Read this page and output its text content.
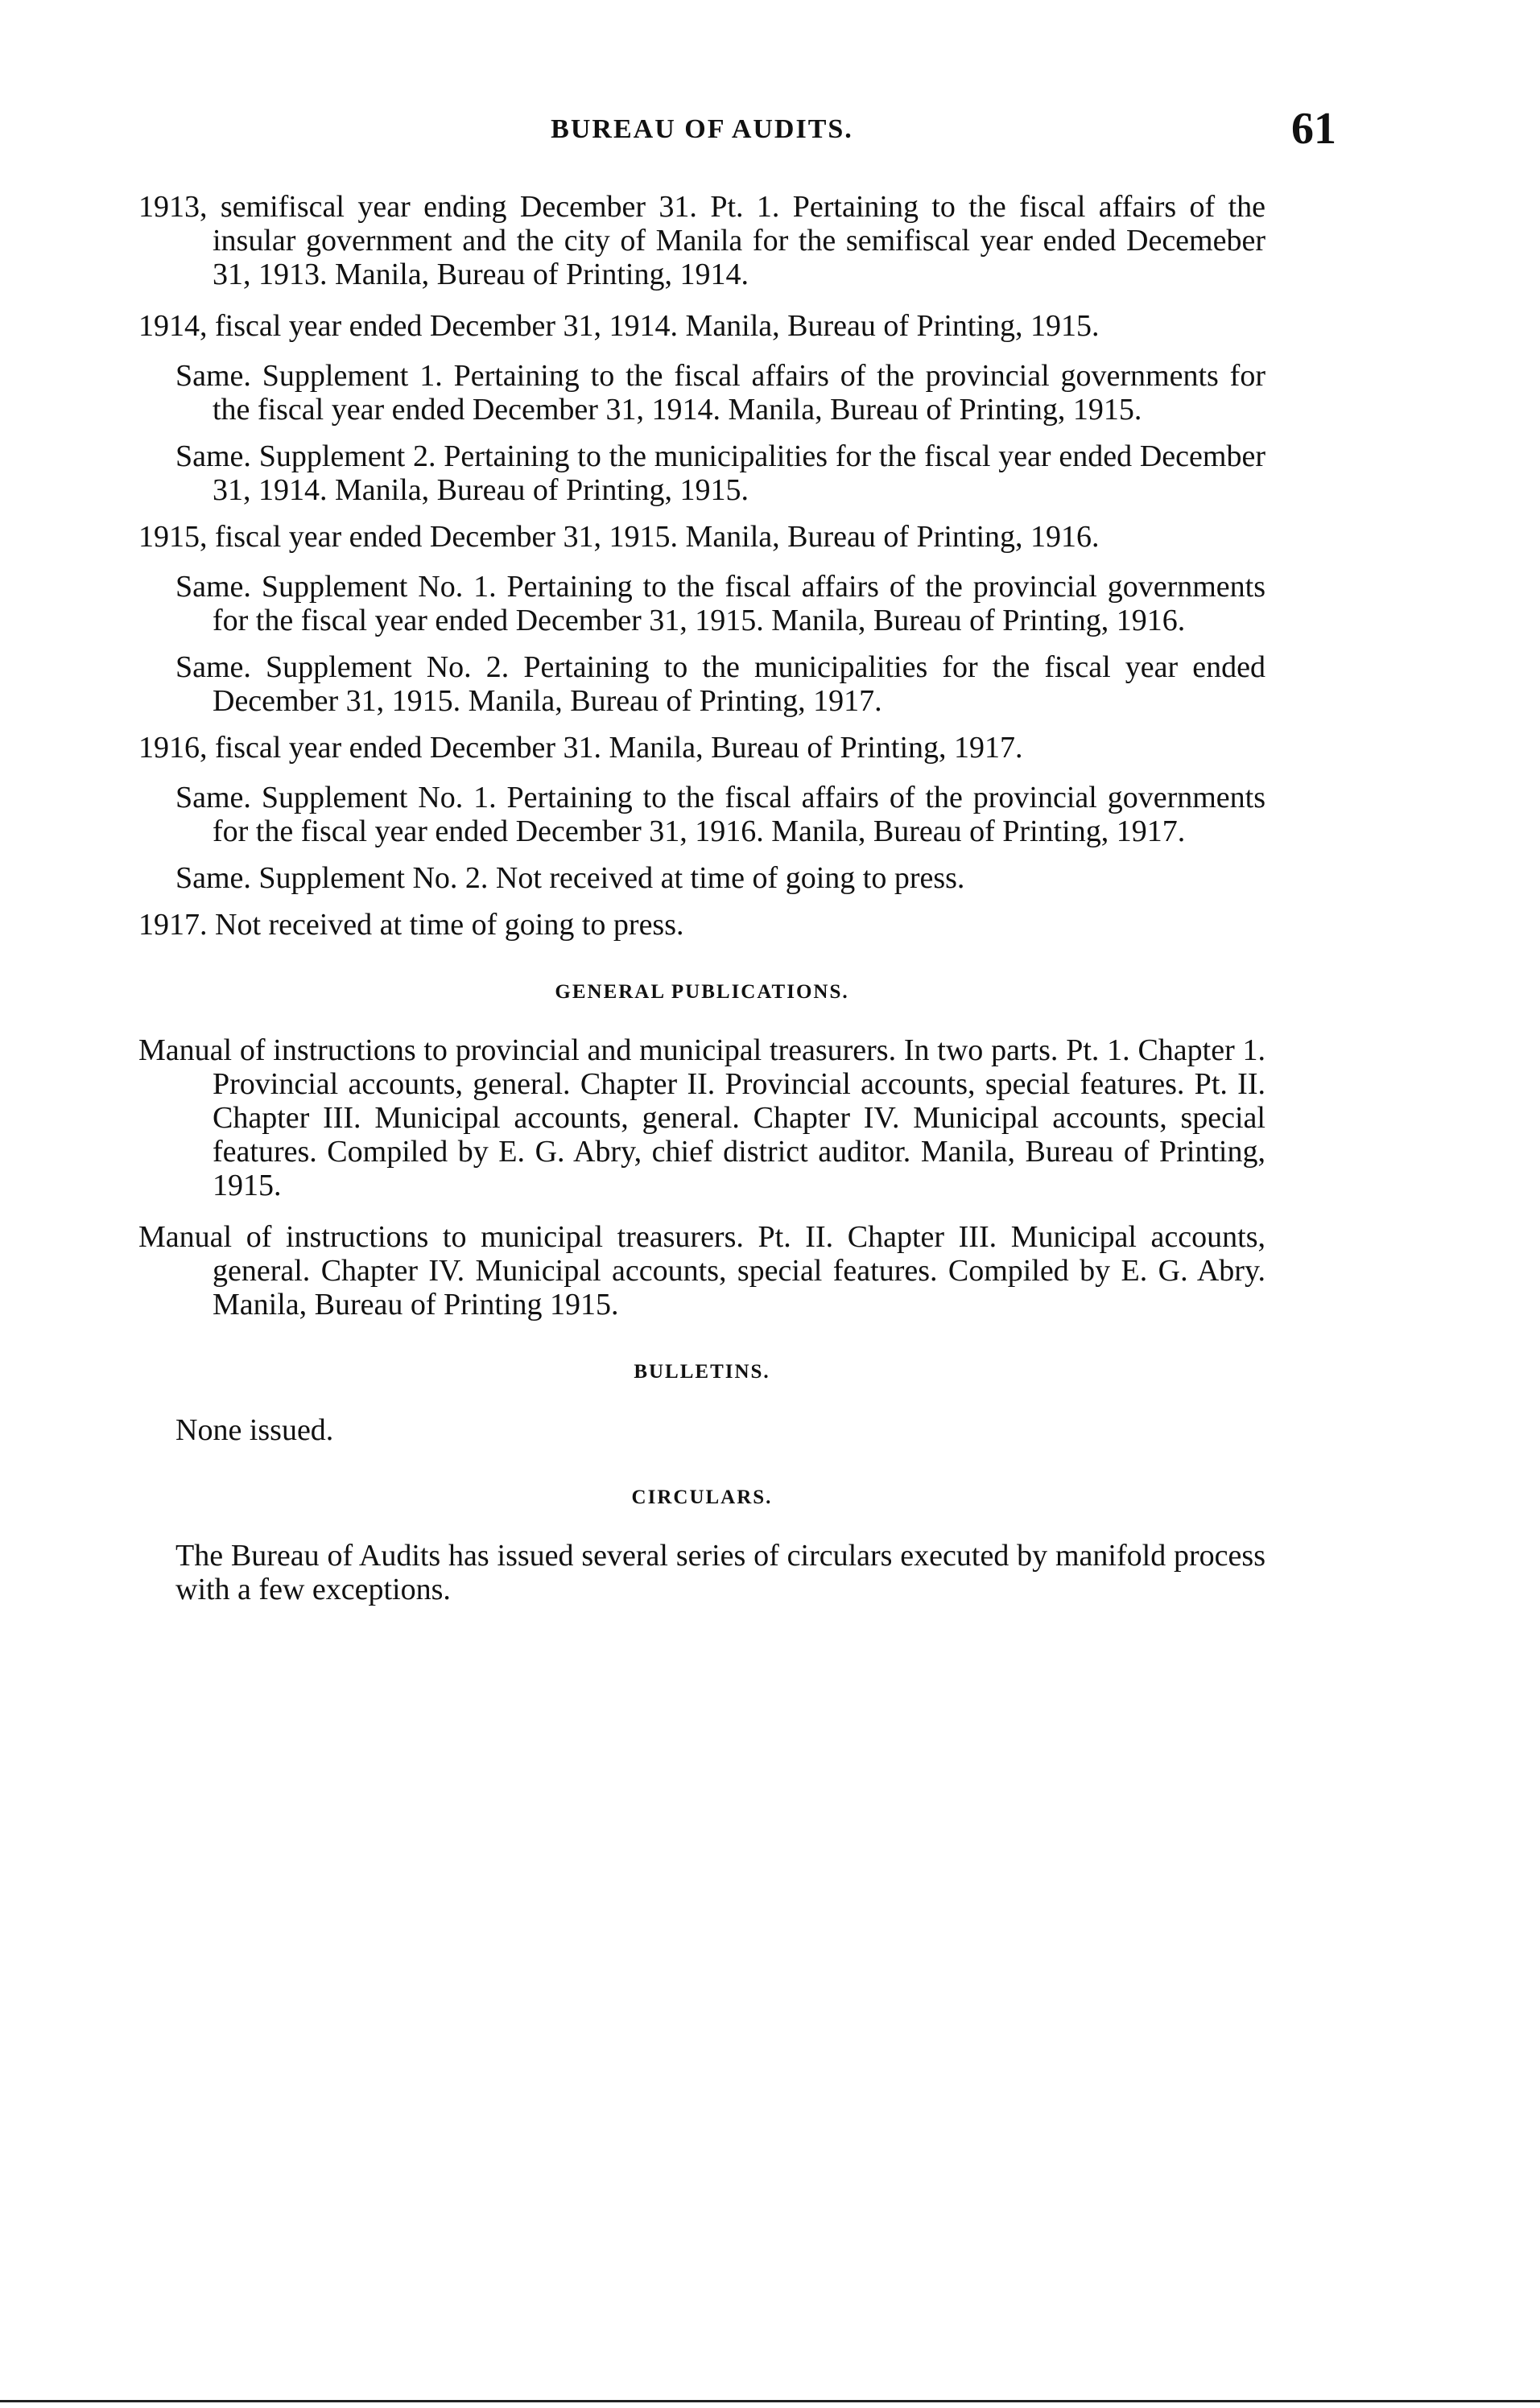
BUREAU OF AUDITS.	61
1913, semifiscal year ending December 31. Pt. 1. Pertaining to the fiscal affairs of the insular government and the city of Manila for the semifiscal year ended Decemeber 31, 1913. Manila, Bureau of Printing, 1914.
1914, fiscal year ended December 31, 1914. Manila, Bureau of Printing, 1915.
Same. Supplement 1. Pertaining to the fiscal affairs of the provincial governments for the fiscal year ended December 31, 1914. Manila, Bureau of Printing, 1915.
Same. Supplement 2. Pertaining to the municipalities for the fiscal year ended December 31, 1914. Manila, Bureau of Printing, 1915.
1915, fiscal year ended December 31, 1915. Manila, Bureau of Printing, 1916.
Same. Supplement No. 1. Pertaining to the fiscal affairs of the provincial governments for the fiscal year ended December 31, 1915. Manila, Bureau of Printing, 1916.
Same. Supplement No. 2. Pertaining to the municipalities for the fiscal year ended December 31, 1915. Manila, Bureau of Printing, 1917.
1916, fiscal year ended December 31. Manila, Bureau of Printing, 1917.
Same. Supplement No. 1. Pertaining to the fiscal affairs of the provincial governments for the fiscal year ended December 31, 1916. Manila, Bureau of Printing, 1917.
Same. Supplement No. 2. Not received at time of going to press.
1917. Not received at time of going to press.
GENERAL PUBLICATIONS.
Manual of instructions to provincial and municipal treasurers. In two parts. Pt. 1. Chapter 1. Provincial accounts, general. Chapter II. Provincial accounts, special features. Pt. II. Chapter III. Municipal accounts, general. Chapter IV. Municipal accounts, special features. Compiled by E. G. Abry, chief district auditor. Manila, Bureau of Printing, 1915.
Manual of instructions to municipal treasurers. Pt. II. Chapter III. Municipal accounts, general. Chapter IV. Municipal accounts, special features. Compiled by E. G. Abry. Manila, Bureau of Printing 1915.
BULLETINS.
None issued.
CIRCULARS.
The Bureau of Audits has issued several series of circulars executed by manifold process with a few exceptions.
